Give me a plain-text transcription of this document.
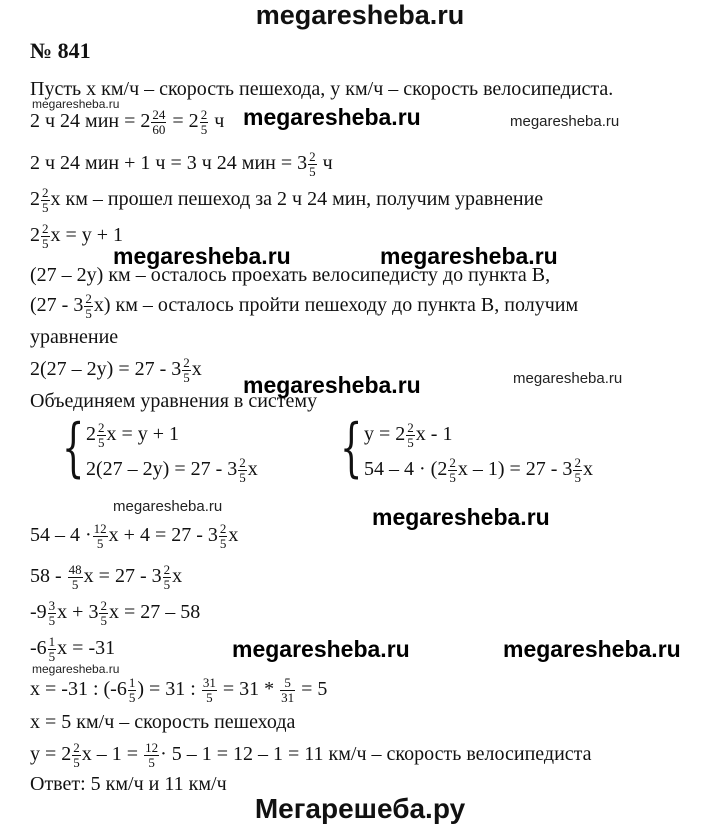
megaresheba.ru
№ 841
Пусть x км/ч – скорость пешехода, y км/ч – скорость велосипедиста.
megaresheba.ru
2 ч 24 мин = $2 \frac{24}{60} = 2 \frac{2}{5}$ ч megaresheba.ru	megaresheba.ru
2 ч 24 мин + 1 ч = 3 ч 24 мин = $3 \frac{2}{5}$ ч
$2 \frac{2}{5}$ x км – прошел пешеход за 2 ч 24 мин, получим уравнение
$2 \frac{2}{5}$ x = y + 1
megaresheba.ru	megaresheba.ru
(27 – 2y) км – осталось проехать велосипедисту до пункта B,
$(27 - 3 \frac{2}{5} x)$ км – осталось пройти пешеходу до пункта B, получим
уравнение
$2(27 - 2y) = 27 - 3 \frac{2}{5}$ x
megaresheba.ru	megaresheba.ru
Объединяем уравнения в систему
{ $2 \frac{2}{5}$ x = y + 1
$2(27 - 2y) = 27 - 3 \frac{2}{5}$ x { $y = 2 \frac{2}{5}$ x - 1
$54 - 4 \cdot (2 \frac{2}{5}$ $x - 1) = 27 - 3 \frac{2}{5}$ x
megaresheba.ru	megaresheba.ru
$54 - 4 \cdot \frac{12}{5}$ $x + 4 = 27 - 3 \frac{2}{5}$ x
$58 - \frac{48}{5}$ $x = 27 - 3 \frac{2}{5}$ x
$-9 \frac{3}{5}$ $x + 3 \frac{2}{5}$ x = 27 – 58
$-6 \frac{1}{5}$ x = -31	megaresheba.ru	megaresheba.ru
megaresheba.ru
x = -31 : ($-6 \frac{1}{5}$ ) = 31 : $\frac{31}{5} = 31 * \frac{5}{31} = 5$
x = 5 км/ч – скорость пешехода
$y = 2 \frac{2}{5}$ $x - 1 = \frac{12}{5} \cdot 5 - 1 = 12 - 1 = 11$ км/ч – скорость велосипедиста
Ответ: 5 км/ч и 11 км/ч
Мегарешеба.ру
